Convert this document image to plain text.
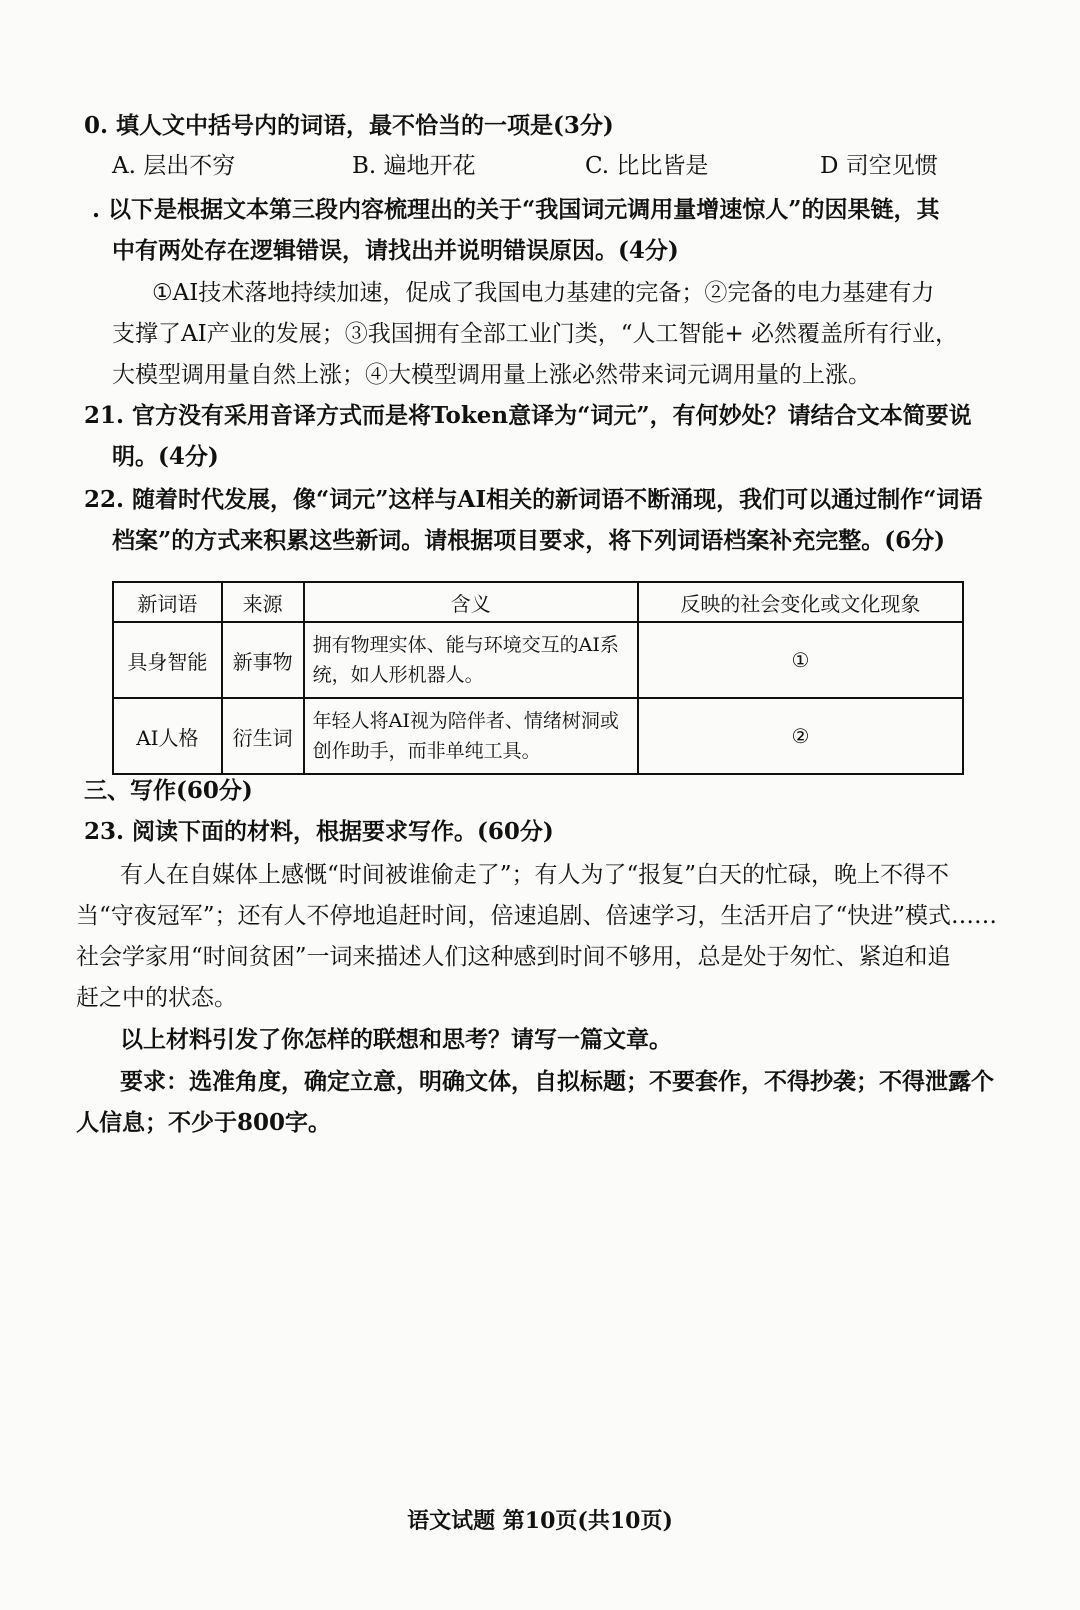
0. 填人文中括号内的词语，最不恰当的一项是(3分)
A. 层出不穷	B. 遍地开花	C. 比比皆是	D 司空见惯
. 以下是根据文本第三段内容梳理出的关于“我国词元调用量增速惊人”的因果链，其
中有两处存在逻辑错误，请找出并说明错误原因。(4分)
①AI技术落地持续加速，促成了我国电力基建的完备；②完备的电力基建有力
支撑了AI产业的发展；③我国拥有全部工业门类，“人工智能+ 必然覆盖所有行业，
大模型调用量自然上涨；④大模型调用量上涨必然带来词元调用量的上涨。
21. 官方没有采用音译方式而是将Token意译为“词元”，有何妙处？请结合文本简要说
明。(4分)
22. 随着时代发展，像“词元”这样与AI相关的新词语不断涌现，我们可以通过制作“词语
档案”的方式来积累这些新词。请根据项目要求，将下列词语档案补充完整。(6分)
新词语	来源	含义	反映的社会变化或文化现象
具身智能	新事物	拥有物理实体、能与环境交互的AI系统，如人形机器人。	①
AI人格	衍生词	年轻人将AI视为陪伴者、情绪树洞或创作助手，而非单纯工具。	②
三、写作(60分)
23. 阅读下面的材料，根据要求写作。(60分)
有人在自媒体上感慨“时间被谁偷走了”；有人为了“报复”白天的忙碌，晚上不得不
当“守夜冠军”；还有人不停地追赶时间，倍速追剧、倍速学习，生活开启了“快进”模式……
社会学家用“时间贫困”一词来描述人们这种感到时间不够用，总是处于匆忙、紧迫和追
赶之中的状态。
以上材料引发了你怎样的联想和思考？请写一篇文章。
要求：选准角度，确定立意，明确文体，自拟标题；不要套作，不得抄袭；不得泄露个
人信息；不少于800字。
语文试题 第10页(共10页)
